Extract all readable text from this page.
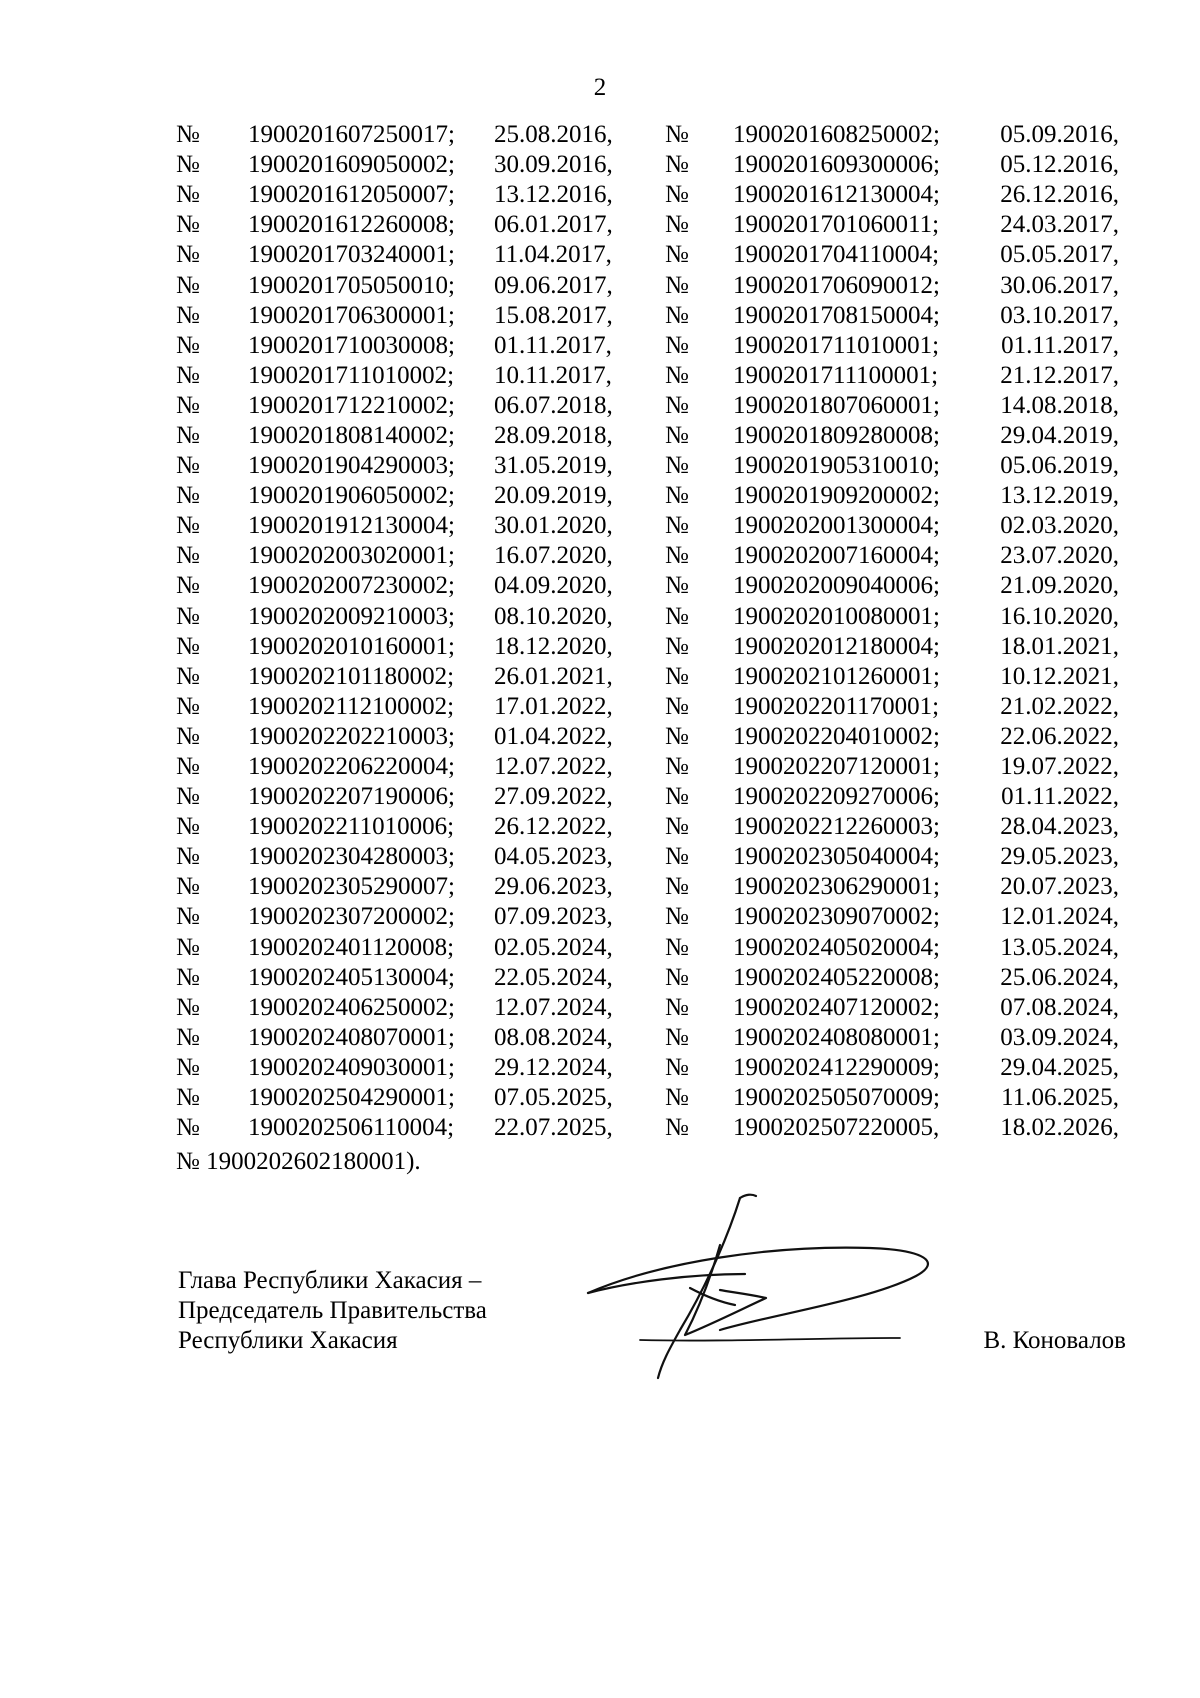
2
№	1900201607250017;	25.08.2016,	№	1900201608250002;	05.09.2016,
№	1900201609050002;	30.09.2016,	№	1900201609300006;	05.12.2016,
№	1900201612050007;	13.12.2016,	№	1900201612130004;	26.12.2016,
№	1900201612260008;	06.01.2017,	№	1900201701060011;	24.03.2017,
№	1900201703240001;	11.04.2017,	№	1900201704110004;	05.05.2017,
№	1900201705050010;	09.06.2017,	№	1900201706090012;	30.06.2017,
№	1900201706300001;	15.08.2017,	№	1900201708150004;	03.10.2017,
№	1900201710030008;	01.11.2017,	№	1900201711010001;	01.11.2017,
№	1900201711010002;	10.11.2017,	№	1900201711100001;	21.12.2017,
№	1900201712210002;	06.07.2018,	№	1900201807060001;	14.08.2018,
№	1900201808140002;	28.09.2018,	№	1900201809280008;	29.04.2019,
№	1900201904290003;	31.05.2019,	№	1900201905310010;	05.06.2019,
№	1900201906050002;	20.09.2019,	№	1900201909200002;	13.12.2019,
№	1900201912130004;	30.01.2020,	№	1900202001300004;	02.03.2020,
№	1900202003020001;	16.07.2020,	№	1900202007160004;	23.07.2020,
№	1900202007230002;	04.09.2020,	№	1900202009040006;	21.09.2020,
№	1900202009210003;	08.10.2020,	№	1900202010080001;	16.10.2020,
№	1900202010160001;	18.12.2020,	№	1900202012180004;	18.01.2021,
№	1900202101180002;	26.01.2021,	№	1900202101260001;	10.12.2021,
№	1900202112100002;	17.01.2022,	№	1900202201170001;	21.02.2022,
№	1900202202210003;	01.04.2022,	№	1900202204010002;	22.06.2022,
№	1900202206220004;	12.07.2022,	№	1900202207120001;	19.07.2022,
№	1900202207190006;	27.09.2022,	№	1900202209270006;	01.11.2022,
№	1900202211010006;	26.12.2022,	№	1900202212260003;	28.04.2023,
№	1900202304280003;	04.05.2023,	№	1900202305040004;	29.05.2023,
№	1900202305290007;	29.06.2023,	№	1900202306290001;	20.07.2023,
№	1900202307200002;	07.09.2023,	№	1900202309070002;	12.01.2024,
№	1900202401120008;	02.05.2024,	№	1900202405020004;	13.05.2024,
№	1900202405130004;	22.05.2024,	№	1900202405220008;	25.06.2024,
№	1900202406250002;	12.07.2024,	№	1900202407120002;	07.08.2024,
№	1900202408070001;	08.08.2024,	№	1900202408080001;	03.09.2024,
№	1900202409030001;	29.12.2024,	№	1900202412290009;	29.04.2025,
№	1900202504290001;	07.05.2025,	№	1900202505070009;	11.06.2025,
№	1900202506110004;	22.07.2025,	№	1900202507220005,	18.02.2026,
№ 1900202602180001).
Глава Республики Хакасия –
Председатель Правительства
Республики Хакасия	В. Коновалов
